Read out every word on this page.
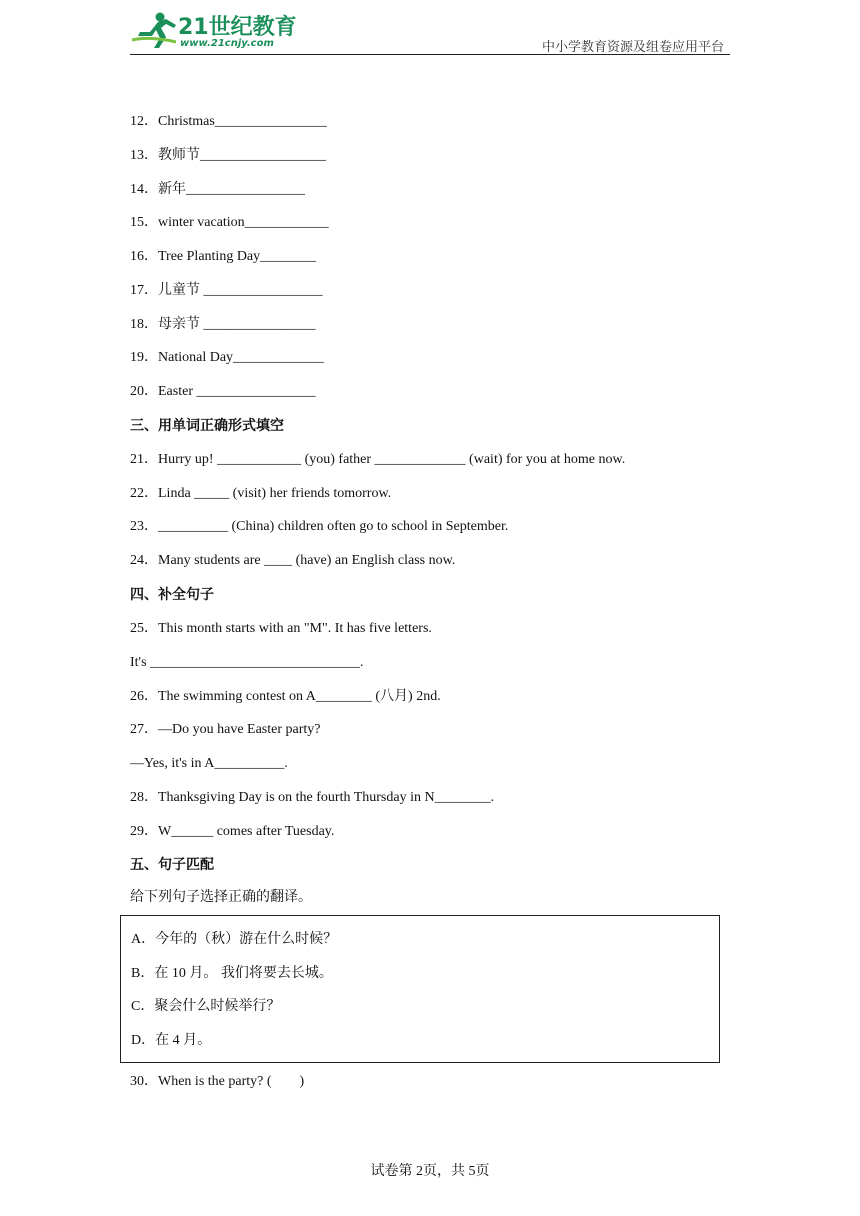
21世纪教育
www.21cnjy.com	中小学教育资源及组卷应用平台
12．Christmas________________
13．教师节__________________
14．新年_________________
15．winter vacation____________
16．Tree Planting Day________
17．儿童节 _________________
18．母亲节 ________________
19．National Day_____________
20．Easter _________________
三、用单词正确形式填空
21．Hurry up! ____________ (you) father _____________ (wait) for you at home now.
22．Linda _____ (visit) her friends tomorrow.
23．__________ (China) children often go to school in September.
24．Many students are ____ (have) an English class now.
四、补全句子
25．This month starts with an "M". It has five letters.
It's ______________________________.
26．The swimming contest on A________ (八月) 2nd.
27．—Do you have Easter party?
—Yes, it's in A__________.
28．Thanksgiving Day is on the fourth Thursday in N________.
29．W______ comes after Tuesday.
五、句子匹配
给下列句子选择正确的翻译。
A．今年的（秋）游在什么时候？
B．在 10 月。 我们将要去长城。
C．聚会什么时候举行？
D．在 4 月。
30．When is the party? (　　)
试卷第 2页，共 5页
